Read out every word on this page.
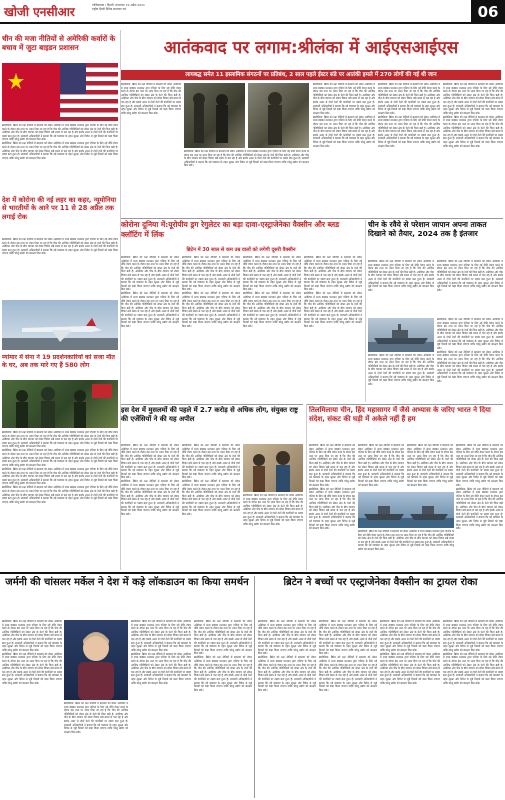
खोजी एनसीआर	गाजियाबाद / दिल्ली, मंगलवार 19 अप्रैल 2021
राष्ट्रीय हिन्दी दैनिक समाचार पत्र	06
आतंकवाद पर लगाम:श्रीलंका में आईएसआईएस
लायबद्ध समेत 11 इस्लामिक संगठनों पर प्रतिबंध, 2 साल पहले ईस्टर संडे पर आतंकी हमले में 270 लोगों की गई थी जान

ब्रासीलिया: ब्रिटेन को रक्षा नीतियों में बदलाव को लेकर अमेरिका में सभ्य बाइडन प्रशासन द्वारा एशिया के लिए नई नीति तैयार करने के दौरान इस तथ्य पर ध्यान दिया जा रहा है कि चीन की आर्थिक गतिविधियों को लेकर क्षेत्र के देशों की चिंता बढ़ी है। अमेरिका और चीन के बीच व्यापार को लेकर विवाद लंबे समय से चल रहा है और इसके असर से दोनों देशों की कंपनियों पर दबाव बना हुआ है। सरकारी अधिकारियों ने बताया कि नई व्यवस्था के तहत सुरक्षा और निवेश से जुड़े नियमों को कड़ा किया जाएगा ताकि घरेलू उद्योग को संरक्षण मिल सके।

ब्रासीलिया: ब्रिटेन को रक्षा नीतियों में बदलाव को लेकर अमेरिका में सभ्य बाइडन प्रशासन द्वारा एशिया के लिए नई नीति तैयार करने के दौरान इस तथ्य पर ध्यान दिया जा रहा है कि चीन की आर्थिक गतिविधियों को लेकर क्षेत्र के देशों की चिंता बढ़ी है। अमेरिका और चीन के बीच व्यापार को लेकर विवाद लंबे समय से चल रहा है और इसके असर से दोनों देशों की कंपनियों पर दबाव बना हुआ है। सरकारी अधिकारियों ने बताया कि नई व्यवस्था के तहत सुरक्षा और निवेश से जुड़े नियमों को कड़ा किया जाएगा ताकि घरेलू उद्योग को संरक्षण मिल सके।

ब्रासीलिया: ब्रिटेन को रक्षा नीतियों में बदलाव को लेकर अमेरिका में सभ्य बाइडन प्रशासन द्वारा एशिया के लिए नई नीति तैयार करने के दौरान इस तथ्य पर ध्यान दिया जा रहा है कि चीन की आर्थिक गतिविधियों को लेकर क्षेत्र के देशों की चिंता बढ़ी है। अमेरिका और चीन के बीच व्यापार को लेकर विवाद लंबे समय से चल रहा है और इसके असर से दोनों देशों की कंपनियों पर दबाव बना हुआ है। सरकारी अधिकारियों ने बताया कि नई व्यवस्था के तहत सुरक्षा और निवेश से जुड़े नियमों को कड़ा किया जाएगा ताकि घरेलू उद्योग को संरक्षण मिल सके।

ब्रासीलिया: ब्रिटेन को रक्षा नीतियों में बदलाव को लेकर अमेरिका में सभ्य बाइडन प्रशासन द्वारा एशिया के लिए नई नीति तैयार करने के दौरान इस तथ्य पर ध्यान दिया जा रहा है कि चीन की आर्थिक गतिविधियों को लेकर क्षेत्र के देशों की चिंता बढ़ी है। अमेरिका और चीन के बीच व्यापार को लेकर विवाद लंबे समय से चल रहा है और इसके असर से दोनों देशों की कंपनियों पर दबाव बना हुआ है। सरकारी अधिकारियों ने बताया कि नई व्यवस्था के तहत सुरक्षा और निवेश से जुड़े नियमों को कड़ा किया जाएगा ताकि घरेलू उद्योग को संरक्षण मिल सके।

ब्रासीलिया: ब्रिटेन को रक्षा नीतियों में बदलाव को लेकर अमेरिका में सभ्य बाइडन प्रशासन द्वारा एशिया के लिए नई नीति तैयार करने के दौरान इस तथ्य पर ध्यान दिया जा रहा है कि चीन की आर्थिक गतिविधियों को लेकर क्षेत्र के देशों की चिंता बढ़ी है। अमेरिका और चीन के बीच व्यापार को लेकर विवाद लंबे समय से चल रहा है और इसके असर से दोनों देशों की कंपनियों पर दबाव बना हुआ है। सरकारी अधिकारियों ने बताया कि नई व्यवस्था के तहत सुरक्षा और निवेश से जुड़े नियमों को कड़ा किया जाएगा ताकि घरेलू उद्योग को संरक्षण मिल सके।

ब्रासीलिया: ब्रिटेन को रक्षा नीतियों में बदलाव को लेकर अमेरिका में सभ्य बाइडन प्रशासन द्वारा एशिया के लिए नई नीति तैयार करने के दौरान इस तथ्य पर ध्यान दिया जा रहा है कि चीन की आर्थिक गतिविधियों को लेकर क्षेत्र के देशों की चिंता बढ़ी है। अमेरिका और चीन के बीच व्यापार को लेकर विवाद लंबे समय से चल रहा है और इसके असर से दोनों देशों की कंपनियों पर दबाव बना हुआ है। सरकारी अधिकारियों ने बताया कि नई व्यवस्था के तहत सुरक्षा और निवेश से जुड़े नियमों को कड़ा किया जाएगा ताकि घरेलू उद्योग को संरक्षण मिल सके।

ब्रासीलिया: ब्रिटेन को रक्षा नीतियों में बदलाव को लेकर अमेरिका में सभ्य बाइडन प्रशासन द्वारा एशिया के लिए नई नीति तैयार करने के दौरान इस तथ्य पर ध्यान दिया जा रहा है कि चीन की आर्थिक गतिविधियों को लेकर क्षेत्र के देशों की चिंता बढ़ी है। अमेरिका और चीन के बीच व्यापार को लेकर विवाद लंबे समय से चल रहा है और इसके असर से दोनों देशों की कंपनियों पर दबाव बना हुआ है। सरकारी अधिकारियों ने बताया कि नई व्यवस्था के तहत सुरक्षा और निवेश से जुड़े नियमों को कड़ा किया जाएगा ताकि घरेलू उद्योग को संरक्षण मिल सके।

ब्रासीलिया: ब्रिटेन को रक्षा नीतियों में बदलाव को लेकर अमेरिका में सभ्य बाइडन प्रशासन द्वारा एशिया के लिए नई नीति तैयार करने के दौरान इस तथ्य पर ध्यान दिया जा रहा है कि चीन की आर्थिक गतिविधियों को लेकर क्षेत्र के देशों की चिंता बढ़ी है। अमेरिका और चीन के बीच व्यापार को लेकर विवाद लंबे समय से चल रहा है और इसके असर से दोनों देशों की कंपनियों पर दबाव बना हुआ है। सरकारी अधिकारियों ने बताया कि नई व्यवस्था के तहत सुरक्षा और निवेश से जुड़े नियमों को कड़ा किया जाएगा ताकि घरेलू उद्योग को संरक्षण मिल सके।

चीन की मजा नीतियों से अमेरिकी कर्वारों के बचाव में जुटा बाइडन प्रशासन

ब्रासीलिया: ब्रिटेन को रक्षा नीतियों में बदलाव को लेकर अमेरिका में सभ्य बाइडन प्रशासन द्वारा एशिया के लिए नई नीति तैयार करने के दौरान इस तथ्य पर ध्यान दिया जा रहा है कि चीन की आर्थिक गतिविधियों को लेकर क्षेत्र के देशों की चिंता बढ़ी है। अमेरिका और चीन के बीच व्यापार को लेकर विवाद लंबे समय से चल रहा है और इसके असर से दोनों देशों की कंपनियों पर दबाव बना हुआ है। सरकारी अधिकारियों ने बताया कि नई व्यवस्था के तहत सुरक्षा और निवेश से जुड़े नियमों को कड़ा किया जाएगा ताकि घरेलू उद्योग को संरक्षण मिल सके।

ब्रासीलिया: ब्रिटेन को रक्षा नीतियों में बदलाव को लेकर अमेरिका में सभ्य बाइडन प्रशासन द्वारा एशिया के लिए नई नीति तैयार करने के दौरान इस तथ्य पर ध्यान दिया जा रहा है कि चीन की आर्थिक गतिविधियों को लेकर क्षेत्र के देशों की चिंता बढ़ी है। अमेरिका और चीन के बीच व्यापार को लेकर विवाद लंबे समय से चल रहा है और इसके असर से दोनों देशों की कंपनियों पर दबाव बना हुआ है। सरकारी अधिकारियों ने बताया कि नई व्यवस्था के तहत सुरक्षा और निवेश से जुड़े नियमों को कड़ा किया जाएगा ताकि घरेलू उद्योग को संरक्षण मिल सके।

देश में कोरोना की नई लहर का कहर, न्यूमोनिया से भारतीयों के आने पर 11 से 28 अप्रैल तक लगाई रोक

ब्रासीलिया: ब्रिटेन को रक्षा नीतियों में बदलाव को लेकर अमेरिका में सभ्य बाइडन प्रशासन द्वारा एशिया के लिए नई नीति तैयार करने के दौरान इस तथ्य पर ध्यान दिया जा रहा है कि चीन की आर्थिक गतिविधियों को लेकर क्षेत्र के देशों की चिंता बढ़ी है। अमेरिका और चीन के बीच व्यापार को लेकर विवाद लंबे समय से चल रहा है और इसके असर से दोनों देशों की कंपनियों पर दबाव बना हुआ है। सरकारी अधिकारियों ने बताया कि नई व्यवस्था के तहत सुरक्षा और निवेश से जुड़े नियमों को कड़ा किया जाएगा ताकि घरेलू उद्योग को संरक्षण मिल सके।

म्यांमार में सेना ने 19 प्रदर्शनकारियों को सजा मौत के घर, अब तक मारे गए हैं 580 लोग

ब्रासीलिया: ब्रिटेन को रक्षा नीतियों में बदलाव को लेकर अमेरिका में सभ्य बाइडन प्रशासन द्वारा एशिया के लिए नई नीति तैयार करने के दौरान इस तथ्य पर ध्यान दिया जा रहा है कि चीन की आर्थिक गतिविधियों को लेकर क्षेत्र के देशों की चिंता बढ़ी है। अमेरिका और चीन के बीच व्यापार को लेकर विवाद लंबे समय से चल रहा है और इसके असर से दोनों देशों की कंपनियों पर दबाव बना हुआ है। सरकारी अधिकारियों ने बताया कि नई व्यवस्था के तहत सुरक्षा और निवेश से जुड़े नियमों को कड़ा किया जाएगा ताकि घरेलू उद्योग को संरक्षण मिल सके।

ब्रासीलिया: ब्रिटेन को रक्षा नीतियों में बदलाव को लेकर अमेरिका में सभ्य बाइडन प्रशासन द्वारा एशिया के लिए नई नीति तैयार करने के दौरान इस तथ्य पर ध्यान दिया जा रहा है कि चीन की आर्थिक गतिविधियों को लेकर क्षेत्र के देशों की चिंता बढ़ी है। अमेरिका और चीन के बीच व्यापार को लेकर विवाद लंबे समय से चल रहा है और इसके असर से दोनों देशों की कंपनियों पर दबाव बना हुआ है। सरकारी अधिकारियों ने बताया कि नई व्यवस्था के तहत सुरक्षा और निवेश से जुड़े नियमों को कड़ा किया जाएगा ताकि घरेलू उद्योग को संरक्षण मिल सके।

ब्रासीलिया: ब्रिटेन को रक्षा नीतियों में बदलाव को लेकर अमेरिका में सभ्य बाइडन प्रशासन द्वारा एशिया के लिए नई नीति तैयार करने के दौरान इस तथ्य पर ध्यान दिया जा रहा है कि चीन की आर्थिक गतिविधियों को लेकर क्षेत्र के देशों की चिंता बढ़ी है। अमेरिका और चीन के बीच व्यापार को लेकर विवाद लंबे समय से चल रहा है और इसके असर से दोनों देशों की कंपनियों पर दबाव बना हुआ है। सरकारी अधिकारियों ने बताया कि नई व्यवस्था के तहत सुरक्षा और निवेश से जुड़े नियमों को कड़ा किया जाएगा ताकि घरेलू उद्योग को संरक्षण मिल सके।

ब्रासीलिया: ब्रिटेन को रक्षा नीतियों में बदलाव को लेकर अमेरिका में सभ्य बाइडन प्रशासन द्वारा एशिया के लिए नई नीति तैयार करने के दौरान इस तथ्य पर ध्यान दिया जा रहा है कि चीन की आर्थिक गतिविधियों को लेकर क्षेत्र के देशों की चिंता बढ़ी है। अमेरिका और चीन के बीच व्यापार को लेकर विवाद लंबे समय से चल रहा है और इसके असर से दोनों देशों की कंपनियों पर दबाव बना हुआ है। सरकारी अधिकारियों ने बताया कि नई व्यवस्था के तहत सुरक्षा और निवेश से जुड़े नियमों को कड़ा किया जाएगा ताकि घरेलू उद्योग को संरक्षण मिल सके।

कोरोना दुनिया में:यूरोपीय ड्रग रेगुलेटर का बड़ा दावा-एस्ट्राजेनेका वैक्सीन और ब्लड क्लॉटिंग में लिंक
ब्रिटेन में 30 साल से कम उम्र वालों को लगेगी दूसरी वैक्सीन

ब्रासीलिया: ब्रिटेन को रक्षा नीतियों में बदलाव को लेकर अमेरिका में सभ्य बाइडन प्रशासन द्वारा एशिया के लिए नई नीति तैयार करने के दौरान इस तथ्य पर ध्यान दिया जा रहा है कि चीन की आर्थिक गतिविधियों को लेकर क्षेत्र के देशों की चिंता बढ़ी है। अमेरिका और चीन के बीच व्यापार को लेकर विवाद लंबे समय से चल रहा है और इसके असर से दोनों देशों की कंपनियों पर दबाव बना हुआ है। सरकारी अधिकारियों ने बताया कि नई व्यवस्था के तहत सुरक्षा और निवेश से जुड़े नियमों को कड़ा किया जाएगा ताकि घरेलू उद्योग को संरक्षण मिल सके।

ब्रासीलिया: ब्रिटेन को रक्षा नीतियों में बदलाव को लेकर अमेरिका में सभ्य बाइडन प्रशासन द्वारा एशिया के लिए नई नीति तैयार करने के दौरान इस तथ्य पर ध्यान दिया जा रहा है कि चीन की आर्थिक गतिविधियों को लेकर क्षेत्र के देशों की चिंता बढ़ी है। अमेरिका और चीन के बीच व्यापार को लेकर विवाद लंबे समय से चल रहा है और इसके असर से दोनों देशों की कंपनियों पर दबाव बना हुआ है। सरकारी अधिकारियों ने बताया कि नई व्यवस्था के तहत सुरक्षा और निवेश से जुड़े नियमों को कड़ा किया जाएगा ताकि घरेलू उद्योग को संरक्षण मिल सके।

ब्रासीलिया: ब्रिटेन को रक्षा नीतियों में बदलाव को लेकर अमेरिका में सभ्य बाइडन प्रशासन द्वारा एशिया के लिए नई नीति तैयार करने के दौरान इस तथ्य पर ध्यान दिया जा रहा है कि चीन की आर्थिक गतिविधियों को लेकर क्षेत्र के देशों की चिंता बढ़ी है। अमेरिका और चीन के बीच व्यापार को लेकर विवाद लंबे समय से चल रहा है और इसके असर से दोनों देशों की कंपनियों पर दबाव बना हुआ है। सरकारी अधिकारियों ने बताया कि नई व्यवस्था के तहत सुरक्षा और निवेश से जुड़े नियमों को कड़ा किया जाएगा ताकि घरेलू उद्योग को संरक्षण मिल सके।

ब्रासीलिया: ब्रिटेन को रक्षा नीतियों में बदलाव को लेकर अमेरिका में सभ्य बाइडन प्रशासन द्वारा एशिया के लिए नई नीति तैयार करने के दौरान इस तथ्य पर ध्यान दिया जा रहा है कि चीन की आर्थिक गतिविधियों को लेकर क्षेत्र के देशों की चिंता बढ़ी है। अमेरिका और चीन के बीच व्यापार को लेकर विवाद लंबे समय से चल रहा है और इसके असर से दोनों देशों की कंपनियों पर दबाव बना हुआ है। सरकारी अधिकारियों ने बताया कि नई व्यवस्था के तहत सुरक्षा और निवेश से जुड़े नियमों को कड़ा किया जाएगा ताकि घरेलू उद्योग को संरक्षण मिल सके।

ब्रासीलिया: ब्रिटेन को रक्षा नीतियों में बदलाव को लेकर अमेरिका में सभ्य बाइडन प्रशासन द्वारा एशिया के लिए नई नीति तैयार करने के दौरान इस तथ्य पर ध्यान दिया जा रहा है कि चीन की आर्थिक गतिविधियों को लेकर क्षेत्र के देशों की चिंता बढ़ी है। अमेरिका और चीन के बीच व्यापार को लेकर विवाद लंबे समय से चल रहा है और इसके असर से दोनों देशों की कंपनियों पर दबाव बना हुआ है। सरकारी अधिकारियों ने बताया कि नई व्यवस्था के तहत सुरक्षा और निवेश से जुड़े नियमों को कड़ा किया जाएगा ताकि घरेलू उद्योग को संरक्षण मिल सके।

ब्रासीलिया: ब्रिटेन को रक्षा नीतियों में बदलाव को लेकर अमेरिका में सभ्य बाइडन प्रशासन द्वारा एशिया के लिए नई नीति तैयार करने के दौरान इस तथ्य पर ध्यान दिया जा रहा है कि चीन की आर्थिक गतिविधियों को लेकर क्षेत्र के देशों की चिंता बढ़ी है। अमेरिका और चीन के बीच व्यापार को लेकर विवाद लंबे समय से चल रहा है और इसके असर से दोनों देशों की कंपनियों पर दबाव बना हुआ है। सरकारी अधिकारियों ने बताया कि नई व्यवस्था के तहत सुरक्षा और निवेश से जुड़े नियमों को कड़ा किया जाएगा ताकि घरेलू उद्योग को संरक्षण मिल सके।

ब्रासीलिया: ब्रिटेन को रक्षा नीतियों में बदलाव को लेकर अमेरिका में सभ्य बाइडन प्रशासन द्वारा एशिया के लिए नई नीति तैयार करने के दौरान इस तथ्य पर ध्यान दिया जा रहा है कि चीन की आर्थिक गतिविधियों को लेकर क्षेत्र के देशों की चिंता बढ़ी है। अमेरिका और चीन के बीच व्यापार को लेकर विवाद लंबे समय से चल रहा है और इसके असर से दोनों देशों की कंपनियों पर दबाव बना हुआ है। सरकारी अधिकारियों ने बताया कि नई व्यवस्था के तहत सुरक्षा और निवेश से जुड़े नियमों को कड़ा किया जाएगा ताकि घरेलू उद्योग को संरक्षण मिल सके।

ब्रासीलिया: ब्रिटेन को रक्षा नीतियों में बदलाव को लेकर अमेरिका में सभ्य बाइडन प्रशासन द्वारा एशिया के लिए नई नीति तैयार करने के दौरान इस तथ्य पर ध्यान दिया जा रहा है कि चीन की आर्थिक गतिविधियों को लेकर क्षेत्र के देशों की चिंता बढ़ी है। अमेरिका और चीन के बीच व्यापार को लेकर विवाद लंबे समय से चल रहा है और इसके असर से दोनों देशों की कंपनियों पर दबाव बना हुआ है। सरकारी अधिकारियों ने बताया कि नई व्यवस्था के तहत सुरक्षा और निवेश से जुड़े नियमों को कड़ा किया जाएगा ताकि घरेलू उद्योग को संरक्षण मिल सके।

चीन के रवैये से परेशान जापान अपना ताकत दिखाने को तैयार, 2024 तक है इंतजार

ब्रासीलिया: ब्रिटेन को रक्षा नीतियों में बदलाव को लेकर अमेरिका में सभ्य बाइडन प्रशासन द्वारा एशिया के लिए नई नीति तैयार करने के दौरान इस तथ्य पर ध्यान दिया जा रहा है कि चीन की आर्थिक गतिविधियों को लेकर क्षेत्र के देशों की चिंता बढ़ी है। अमेरिका और चीन के बीच व्यापार को लेकर विवाद लंबे समय से चल रहा है और इसके असर से दोनों देशों की कंपनियों पर दबाव बना हुआ है। सरकारी अधिकारियों ने बताया कि नई व्यवस्था के तहत सुरक्षा और निवेश से जुड़े नियमों को कड़ा किया जाएगा ताकि घरेलू उद्योग को संरक्षण मिल सके।

ब्रासीलिया: ब्रिटेन को रक्षा नीतियों में बदलाव को लेकर अमेरिका में सभ्य बाइडन प्रशासन द्वारा एशिया के लिए नई नीति तैयार करने के दौरान इस तथ्य पर ध्यान दिया जा रहा है कि चीन की आर्थिक गतिविधियों को लेकर क्षेत्र के देशों की चिंता बढ़ी है। अमेरिका और चीन के बीच व्यापार को लेकर विवाद लंबे समय से चल रहा है और इसके असर से दोनों देशों की कंपनियों पर दबाव बना हुआ है। सरकारी अधिकारियों ने बताया कि नई व्यवस्था के तहत सुरक्षा और निवेश से जुड़े नियमों को कड़ा किया जाएगा ताकि घरेलू उद्योग को संरक्षण मिल सके।

ब्रासीलिया: ब्रिटेन को रक्षा नीतियों में बदलाव को लेकर अमेरिका में सभ्य बाइडन प्रशासन द्वारा एशिया के लिए नई नीति तैयार करने के दौरान इस तथ्य पर ध्यान दिया जा रहा है कि चीन की आर्थिक गतिविधियों को लेकर क्षेत्र के देशों की चिंता बढ़ी है। अमेरिका और चीन के बीच व्यापार को लेकर विवाद लंबे समय से चल रहा है और इसके असर से दोनों देशों की कंपनियों पर दबाव बना हुआ है। सरकारी अधिकारियों ने बताया कि नई व्यवस्था के तहत सुरक्षा और निवेश से जुड़े नियमों को कड़ा किया जाएगा ताकि घरेलू उद्योग को संरक्षण मिल सके।

ब्रासीलिया: ब्रिटेन को रक्षा नीतियों में बदलाव को लेकर अमेरिका में सभ्य बाइडन प्रशासन द्वारा एशिया के लिए नई नीति तैयार करने के दौरान इस तथ्य पर ध्यान दिया जा रहा है कि चीन की आर्थिक गतिविधियों को लेकर क्षेत्र के देशों की चिंता बढ़ी है। अमेरिका और चीन के बीच व्यापार को लेकर विवाद लंबे समय से चल रहा है और इसके असर से दोनों देशों की कंपनियों पर दबाव बना हुआ है। सरकारी अधिकारियों ने बताया कि नई व्यवस्था के तहत सुरक्षा और निवेश से जुड़े नियमों को कड़ा किया जाएगा ताकि घरेलू उद्योग को संरक्षण मिल सके।

ब्रासीलिया: ब्रिटेन को रक्षा नीतियों में बदलाव को लेकर अमेरिका में सभ्य बाइडन प्रशासन द्वारा एशिया के लिए नई नीति तैयार करने के दौरान इस तथ्य पर ध्यान दिया जा रहा है कि चीन की आर्थिक गतिविधियों को लेकर क्षेत्र के देशों की चिंता बढ़ी है। अमेरिका और चीन के बीच व्यापार को लेकर विवाद लंबे समय से चल रहा है और इसके असर से दोनों देशों की कंपनियों पर दबाव बना हुआ है। सरकारी अधिकारियों ने बताया कि नई व्यवस्था के तहत सुरक्षा और निवेश से जुड़े नियमों को कड़ा किया जाएगा ताकि घरेलू उद्योग को संरक्षण मिल सके।

इस देश में मुसलमों की पहले में 2.7 करोड़ से अधिक लोग, संयुक्त राष्ट्र की एजेंसियों ने की यह अपील

ब्रासीलिया: ब्रिटेन को रक्षा नीतियों में बदलाव को लेकर अमेरिका में सभ्य बाइडन प्रशासन द्वारा एशिया के लिए नई नीति तैयार करने के दौरान इस तथ्य पर ध्यान दिया जा रहा है कि चीन की आर्थिक गतिविधियों को लेकर क्षेत्र के देशों की चिंता बढ़ी है। अमेरिका और चीन के बीच व्यापार को लेकर विवाद लंबे समय से चल रहा है और इसके असर से दोनों देशों की कंपनियों पर दबाव बना हुआ है। सरकारी अधिकारियों ने बताया कि नई व्यवस्था के तहत सुरक्षा और निवेश से जुड़े नियमों को कड़ा किया जाएगा ताकि घरेलू उद्योग को संरक्षण मिल सके।

ब्रासीलिया: ब्रिटेन को रक्षा नीतियों में बदलाव को लेकर अमेरिका में सभ्य बाइडन प्रशासन द्वारा एशिया के लिए नई नीति तैयार करने के दौरान इस तथ्य पर ध्यान दिया जा रहा है कि चीन की आर्थिक गतिविधियों को लेकर क्षेत्र के देशों की चिंता बढ़ी है। अमेरिका और चीन के बीच व्यापार को लेकर विवाद लंबे समय से चल रहा है और इसके असर से दोनों देशों की कंपनियों पर दबाव बना हुआ है। सरकारी अधिकारियों ने बताया कि नई व्यवस्था के तहत सुरक्षा और निवेश से जुड़े नियमों को कड़ा किया जाएगा ताकि घरेलू उद्योग को संरक्षण मिल सके।

ब्रासीलिया: ब्रिटेन को रक्षा नीतियों में बदलाव को लेकर अमेरिका में सभ्य बाइडन प्रशासन द्वारा एशिया के लिए नई नीति तैयार करने के दौरान इस तथ्य पर ध्यान दिया जा रहा है कि चीन की आर्थिक गतिविधियों को लेकर क्षेत्र के देशों की चिंता बढ़ी है। अमेरिका और चीन के बीच व्यापार को लेकर विवाद लंबे समय से चल रहा है और इसके असर से दोनों देशों की कंपनियों पर दबाव बना हुआ है। सरकारी अधिकारियों ने बताया कि नई व्यवस्था के तहत सुरक्षा और निवेश से जुड़े नियमों को कड़ा किया जाएगा ताकि घरेलू उद्योग को संरक्षण मिल सके।

ब्रासीलिया: ब्रिटेन को रक्षा नीतियों में बदलाव को लेकर अमेरिका में सभ्य बाइडन प्रशासन द्वारा एशिया के लिए नई नीति तैयार करने के दौरान इस तथ्य पर ध्यान दिया जा रहा है कि चीन की आर्थिक गतिविधियों को लेकर क्षेत्र के देशों की चिंता बढ़ी है। अमेरिका और चीन के बीच व्यापार को लेकर विवाद लंबे समय से चल रहा है और इसके असर से दोनों देशों की कंपनियों पर दबाव बना हुआ है। सरकारी अधिकारियों ने बताया कि नई व्यवस्था के तहत सुरक्षा और निवेश से जुड़े नियमों को कड़ा किया जाएगा ताकि घरेलू उद्योग को संरक्षण मिल सके।

ब्रासीलिया: ब्रिटेन को रक्षा नीतियों में बदलाव को लेकर अमेरिका में सभ्य बाइडन प्रशासन द्वारा एशिया के लिए नई नीति तैयार करने के दौरान इस तथ्य पर ध्यान दिया जा रहा है कि चीन की आर्थिक गतिविधियों को लेकर क्षेत्र के देशों की चिंता बढ़ी है। अमेरिका और चीन के बीच व्यापार को लेकर विवाद लंबे समय से चल रहा है और इसके असर से दोनों देशों की कंपनियों पर दबाव बना हुआ है। सरकारी अधिकारियों ने बताया कि नई व्यवस्था के तहत सुरक्षा और निवेश से जुड़े नियमों को कड़ा किया जाएगा ताकि घरेलू उद्योग को संरक्षण मिल सके।

तिलमिलाया चीन, हिंद महासागर में जैसे अभ्यास के जरिए भारत ने दिया संदेश, संकट की घड़ी में अकेले नहीं हैं हम

ब्रासीलिया: ब्रिटेन को रक्षा नीतियों में बदलाव को लेकर अमेरिका में सभ्य बाइडन प्रशासन द्वारा एशिया के लिए नई नीति तैयार करने के दौरान इस तथ्य पर ध्यान दिया जा रहा है कि चीन की आर्थिक गतिविधियों को लेकर क्षेत्र के देशों की चिंता बढ़ी है। अमेरिका और चीन के बीच व्यापार को लेकर विवाद लंबे समय से चल रहा है और इसके असर से दोनों देशों की कंपनियों पर दबाव बना हुआ है। सरकारी अधिकारियों ने बताया कि नई व्यवस्था के तहत सुरक्षा और निवेश से जुड़े नियमों को कड़ा किया जाएगा ताकि घरेलू उद्योग को संरक्षण मिल सके।

ब्रासीलिया: ब्रिटेन को रक्षा नीतियों में बदलाव को लेकर अमेरिका में सभ्य बाइडन प्रशासन द्वारा एशिया के लिए नई नीति तैयार करने के दौरान इस तथ्य पर ध्यान दिया जा रहा है कि चीन की आर्थिक गतिविधियों को लेकर क्षेत्र के देशों की चिंता बढ़ी है। अमेरिका और चीन के बीच व्यापार को लेकर विवाद लंबे समय से चल रहा है और इसके असर से दोनों देशों की कंपनियों पर दबाव बना हुआ है। सरकारी अधिकारियों ने बताया कि नई व्यवस्था के तहत सुरक्षा और निवेश से जुड़े नियमों को कड़ा किया जाएगा ताकि घरेलू उद्योग को संरक्षण मिल सके।

ब्रासीलिया: ब्रिटेन को रक्षा नीतियों में बदलाव को लेकर अमेरिका में सभ्य बाइडन प्रशासन द्वारा एशिया के लिए नई नीति तैयार करने के दौरान इस तथ्य पर ध्यान दिया जा रहा है कि चीन की आर्थिक गतिविधियों को लेकर क्षेत्र के देशों की चिंता बढ़ी है। अमेरिका और चीन के बीच व्यापार को लेकर विवाद लंबे समय से चल रहा है और इसके असर से दोनों देशों की कंपनियों पर दबाव बना हुआ है। सरकारी अधिकारियों ने बताया कि नई व्यवस्था के तहत सुरक्षा और निवेश से जुड़े नियमों को कड़ा किया जाएगा ताकि घरेलू उद्योग को संरक्षण मिल सके।

ब्रासीलिया: ब्रिटेन को रक्षा नीतियों में बदलाव को लेकर अमेरिका में सभ्य बाइडन प्रशासन द्वारा एशिया के लिए नई नीति तैयार करने के दौरान इस तथ्य पर ध्यान दिया जा रहा है कि चीन की आर्थिक गतिविधियों को लेकर क्षेत्र के देशों की चिंता बढ़ी है। अमेरिका और चीन के बीच व्यापार को लेकर विवाद लंबे समय से चल रहा है और इसके असर से दोनों देशों की कंपनियों पर दबाव बना हुआ है। सरकारी अधिकारियों ने बताया कि नई व्यवस्था के तहत सुरक्षा और निवेश से जुड़े नियमों को कड़ा किया जाएगा ताकि घरेलू उद्योग को संरक्षण मिल सके।

ब्रासीलिया: ब्रिटेन को रक्षा नीतियों में बदलाव को लेकर अमेरिका में सभ्य बाइडन प्रशासन द्वारा एशिया के लिए नई नीति तैयार करने के दौरान इस तथ्य पर ध्यान दिया जा रहा है कि चीन की आर्थिक गतिविधियों को लेकर क्षेत्र के देशों की चिंता बढ़ी है। अमेरिका और चीन के बीच व्यापार को लेकर विवाद लंबे समय से चल रहा है और इसके असर से दोनों देशों की कंपनियों पर दबाव बना हुआ है। सरकारी अधिकारियों ने बताया कि नई व्यवस्था के तहत सुरक्षा और निवेश से जुड़े नियमों को कड़ा किया जाएगा ताकि घरेलू उद्योग को संरक्षण मिल सके।

ब्रासीलिया: ब्रिटेन को रक्षा नीतियों में बदलाव को लेकर अमेरिका में सभ्य बाइडन प्रशासन द्वारा एशिया के लिए नई नीति तैयार करने के दौरान इस तथ्य पर ध्यान दिया जा रहा है कि चीन की आर्थिक गतिविधियों को लेकर क्षेत्र के देशों की चिंता बढ़ी है। अमेरिका और चीन के बीच व्यापार को लेकर विवाद लंबे समय से चल रहा है और इसके असर से दोनों देशों की कंपनियों पर दबाव बना हुआ है। सरकारी अधिकारियों ने बताया कि नई व्यवस्था के तहत सुरक्षा और निवेश से जुड़े नियमों को कड़ा किया जाएगा ताकि घरेलू उद्योग को संरक्षण मिल सके।

ब्रासीलिया: ब्रिटेन को रक्षा नीतियों में बदलाव को लेकर अमेरिका में सभ्य बाइडन प्रशासन द्वारा एशिया के लिए नई नीति तैयार करने के दौरान इस तथ्य पर ध्यान दिया जा रहा है कि चीन की आर्थिक गतिविधियों को लेकर क्षेत्र के देशों की चिंता बढ़ी है। अमेरिका और चीन के बीच व्यापार को लेकर विवाद लंबे समय से चल रहा है और इसके असर से दोनों देशों की कंपनियों पर दबाव बना हुआ है। सरकारी अधिकारियों ने बताया कि नई व्यवस्था के तहत सुरक्षा और निवेश से जुड़े नियमों को कड़ा किया जाएगा ताकि घरेलू उद्योग को संरक्षण मिल सके।

जर्मनी की चांसलर मर्केल ने देश में कड़े लॉकडाउन का किया समर्थन

ब्रासीलिया: ब्रिटेन को रक्षा नीतियों में बदलाव को लेकर अमेरिका में सभ्य बाइडन प्रशासन द्वारा एशिया के लिए नई नीति तैयार करने के दौरान इस तथ्य पर ध्यान दिया जा रहा है कि चीन की आर्थिक गतिविधियों को लेकर क्षेत्र के देशों की चिंता बढ़ी है। अमेरिका और चीन के बीच व्यापार को लेकर विवाद लंबे समय से चल रहा है और इसके असर से दोनों देशों की कंपनियों पर दबाव बना हुआ है। सरकारी अधिकारियों ने बताया कि नई व्यवस्था के तहत सुरक्षा और निवेश से जुड़े नियमों को कड़ा किया जाएगा ताकि घरेलू उद्योग को संरक्षण मिल सके।

ब्रासीलिया: ब्रिटेन को रक्षा नीतियों में बदलाव को लेकर अमेरिका में सभ्य बाइडन प्रशासन द्वारा एशिया के लिए नई नीति तैयार करने के दौरान इस तथ्य पर ध्यान दिया जा रहा है कि चीन की आर्थिक गतिविधियों को लेकर क्षेत्र के देशों की चिंता बढ़ी है। अमेरिका और चीन के बीच व्यापार को लेकर विवाद लंबे समय से चल रहा है और इसके असर से दोनों देशों की कंपनियों पर दबाव बना हुआ है। सरकारी अधिकारियों ने बताया कि नई व्यवस्था के तहत सुरक्षा और निवेश से जुड़े नियमों को कड़ा किया जाएगा ताकि घरेलू उद्योग को संरक्षण मिल सके।

ब्रासीलिया: ब्रिटेन को रक्षा नीतियों में बदलाव को लेकर अमेरिका में सभ्य बाइडन प्रशासन द्वारा एशिया के लिए नई नीति तैयार करने के दौरान इस तथ्य पर ध्यान दिया जा रहा है कि चीन की आर्थिक गतिविधियों को लेकर क्षेत्र के देशों की चिंता बढ़ी है। अमेरिका और चीन के बीच व्यापार को लेकर विवाद लंबे समय से चल रहा है और इसके असर से दोनों देशों की कंपनियों पर दबाव बना हुआ है। सरकारी अधिकारियों ने बताया कि नई व्यवस्था के तहत सुरक्षा और निवेश से जुड़े नियमों को कड़ा किया जाएगा ताकि घरेलू उद्योग को संरक्षण मिल सके।

ब्रासीलिया: ब्रिटेन को रक्षा नीतियों में बदलाव को लेकर अमेरिका में सभ्य बाइडन प्रशासन द्वारा एशिया के लिए नई नीति तैयार करने के दौरान इस तथ्य पर ध्यान दिया जा रहा है कि चीन की आर्थिक गतिविधियों को लेकर क्षेत्र के देशों की चिंता बढ़ी है। अमेरिका और चीन के बीच व्यापार को लेकर विवाद लंबे समय से चल रहा है और इसके असर से दोनों देशों की कंपनियों पर दबाव बना हुआ है। सरकारी अधिकारियों ने बताया कि नई व्यवस्था के तहत सुरक्षा और निवेश से जुड़े नियमों को कड़ा किया जाएगा ताकि घरेलू उद्योग को संरक्षण मिल सके।

ब्रासीलिया: ब्रिटेन को रक्षा नीतियों में बदलाव को लेकर अमेरिका में सभ्य बाइडन प्रशासन द्वारा एशिया के लिए नई नीति तैयार करने के दौरान इस तथ्य पर ध्यान दिया जा रहा है कि चीन की आर्थिक गतिविधियों को लेकर क्षेत्र के देशों की चिंता बढ़ी है। अमेरिका और चीन के बीच व्यापार को लेकर विवाद लंबे समय से चल रहा है और इसके असर से दोनों देशों की कंपनियों पर दबाव बना हुआ है। सरकारी अधिकारियों ने बताया कि नई व्यवस्था के तहत सुरक्षा और निवेश से जुड़े नियमों को कड़ा किया जाएगा ताकि घरेलू उद्योग को संरक्षण मिल सके।

ब्रासीलिया: ब्रिटेन को रक्षा नीतियों में बदलाव को लेकर अमेरिका में सभ्य बाइडन प्रशासन द्वारा एशिया के लिए नई नीति तैयार करने के दौरान इस तथ्य पर ध्यान दिया जा रहा है कि चीन की आर्थिक गतिविधियों को लेकर क्षेत्र के देशों की चिंता बढ़ी है। अमेरिका और चीन के बीच व्यापार को लेकर विवाद लंबे समय से चल रहा है और इसके असर से दोनों देशों की कंपनियों पर दबाव बना हुआ है। सरकारी अधिकारियों ने बताया कि नई व्यवस्था के तहत सुरक्षा और निवेश से जुड़े नियमों को कड़ा किया जाएगा ताकि घरेलू उद्योग को संरक्षण मिल सके।

ब्रासीलिया: ब्रिटेन को रक्षा नीतियों में बदलाव को लेकर अमेरिका में सभ्य बाइडन प्रशासन द्वारा एशिया के लिए नई नीति तैयार करने के दौरान इस तथ्य पर ध्यान दिया जा रहा है कि चीन की आर्थिक गतिविधियों को लेकर क्षेत्र के देशों की चिंता बढ़ी है। अमेरिका और चीन के बीच व्यापार को लेकर विवाद लंबे समय से चल रहा है और इसके असर से दोनों देशों की कंपनियों पर दबाव बना हुआ है। सरकारी अधिकारियों ने बताया कि नई व्यवस्था के तहत सुरक्षा और निवेश से जुड़े नियमों को कड़ा किया जाएगा ताकि घरेलू उद्योग को संरक्षण मिल सके।

ब्रिटेन ने बच्चों पर एस्ट्राजेनेका वैक्सीन का ट्रायल रोका

ब्रासीलिया: ब्रिटेन को रक्षा नीतियों में बदलाव को लेकर अमेरिका में सभ्य बाइडन प्रशासन द्वारा एशिया के लिए नई नीति तैयार करने के दौरान इस तथ्य पर ध्यान दिया जा रहा है कि चीन की आर्थिक गतिविधियों को लेकर क्षेत्र के देशों की चिंता बढ़ी है। अमेरिका और चीन के बीच व्यापार को लेकर विवाद लंबे समय से चल रहा है और इसके असर से दोनों देशों की कंपनियों पर दबाव बना हुआ है। सरकारी अधिकारियों ने बताया कि नई व्यवस्था के तहत सुरक्षा और निवेश से जुड़े नियमों को कड़ा किया जाएगा ताकि घरेलू उद्योग को संरक्षण मिल सके।

ब्रासीलिया: ब्रिटेन को रक्षा नीतियों में बदलाव को लेकर अमेरिका में सभ्य बाइडन प्रशासन द्वारा एशिया के लिए नई नीति तैयार करने के दौरान इस तथ्य पर ध्यान दिया जा रहा है कि चीन की आर्थिक गतिविधियों को लेकर क्षेत्र के देशों की चिंता बढ़ी है। अमेरिका और चीन के बीच व्यापार को लेकर विवाद लंबे समय से चल रहा है और इसके असर से दोनों देशों की कंपनियों पर दबाव बना हुआ है। सरकारी अधिकारियों ने बताया कि नई व्यवस्था के तहत सुरक्षा और निवेश से जुड़े नियमों को कड़ा किया जाएगा ताकि घरेलू उद्योग को संरक्षण मिल सके।

ब्रासीलिया: ब्रिटेन को रक्षा नीतियों में बदलाव को लेकर अमेरिका में सभ्य बाइडन प्रशासन द्वारा एशिया के लिए नई नीति तैयार करने के दौरान इस तथ्य पर ध्यान दिया जा रहा है कि चीन की आर्थिक गतिविधियों को लेकर क्षेत्र के देशों की चिंता बढ़ी है। अमेरिका और चीन के बीच व्यापार को लेकर विवाद लंबे समय से चल रहा है और इसके असर से दोनों देशों की कंपनियों पर दबाव बना हुआ है। सरकारी अधिकारियों ने बताया कि नई व्यवस्था के तहत सुरक्षा और निवेश से जुड़े नियमों को कड़ा किया जाएगा ताकि घरेलू उद्योग को संरक्षण मिल सके।

ब्रासीलिया: ब्रिटेन को रक्षा नीतियों में बदलाव को लेकर अमेरिका में सभ्य बाइडन प्रशासन द्वारा एशिया के लिए नई नीति तैयार करने के दौरान इस तथ्य पर ध्यान दिया जा रहा है कि चीन की आर्थिक गतिविधियों को लेकर क्षेत्र के देशों की चिंता बढ़ी है। अमेरिका और चीन के बीच व्यापार को लेकर विवाद लंबे समय से चल रहा है और इसके असर से दोनों देशों की कंपनियों पर दबाव बना हुआ है। सरकारी अधिकारियों ने बताया कि नई व्यवस्था के तहत सुरक्षा और निवेश से जुड़े नियमों को कड़ा किया जाएगा ताकि घरेलू उद्योग को संरक्षण मिल सके।

ब्रासीलिया: ब्रिटेन को रक्षा नीतियों में बदलाव को लेकर अमेरिका में सभ्य बाइडन प्रशासन द्वारा एशिया के लिए नई नीति तैयार करने के दौरान इस तथ्य पर ध्यान दिया जा रहा है कि चीन की आर्थिक गतिविधियों को लेकर क्षेत्र के देशों की चिंता बढ़ी है। अमेरिका और चीन के बीच व्यापार को लेकर विवाद लंबे समय से चल रहा है और इसके असर से दोनों देशों की कंपनियों पर दबाव बना हुआ है। सरकारी अधिकारियों ने बताया कि नई व्यवस्था के तहत सुरक्षा और निवेश से जुड़े नियमों को कड़ा किया जाएगा ताकि घरेलू उद्योग को संरक्षण मिल सके।

ब्रासीलिया: ब्रिटेन को रक्षा नीतियों में बदलाव को लेकर अमेरिका में सभ्य बाइडन प्रशासन द्वारा एशिया के लिए नई नीति तैयार करने के दौरान इस तथ्य पर ध्यान दिया जा रहा है कि चीन की आर्थिक गतिविधियों को लेकर क्षेत्र के देशों की चिंता बढ़ी है। अमेरिका और चीन के बीच व्यापार को लेकर विवाद लंबे समय से चल रहा है और इसके असर से दोनों देशों की कंपनियों पर दबाव बना हुआ है। सरकारी अधिकारियों ने बताया कि नई व्यवस्था के तहत सुरक्षा और निवेश से जुड़े नियमों को कड़ा किया जाएगा ताकि घरेलू उद्योग को संरक्षण मिल सके।

ब्रासीलिया: ब्रिटेन को रक्षा नीतियों में बदलाव को लेकर अमेरिका में सभ्य बाइडन प्रशासन द्वारा एशिया के लिए नई नीति तैयार करने के दौरान इस तथ्य पर ध्यान दिया जा रहा है कि चीन की आर्थिक गतिविधियों को लेकर क्षेत्र के देशों की चिंता बढ़ी है। अमेरिका और चीन के बीच व्यापार को लेकर विवाद लंबे समय से चल रहा है और इसके असर से दोनों देशों की कंपनियों पर दबाव बना हुआ है। सरकारी अधिकारियों ने बताया कि नई व्यवस्था के तहत सुरक्षा और निवेश से जुड़े नियमों को कड़ा किया जाएगा ताकि घरेलू उद्योग को संरक्षण मिल सके।

ब्रासीलिया: ब्रिटेन को रक्षा नीतियों में बदलाव को लेकर अमेरिका में सभ्य बाइडन प्रशासन द्वारा एशिया के लिए नई नीति तैयार करने के दौरान इस तथ्य पर ध्यान दिया जा रहा है कि चीन की आर्थिक गतिविधियों को लेकर क्षेत्र के देशों की चिंता बढ़ी है। अमेरिका और चीन के बीच व्यापार को लेकर विवाद लंबे समय से चल रहा है और इसके असर से दोनों देशों की कंपनियों पर दबाव बना हुआ है। सरकारी अधिकारियों ने बताया कि नई व्यवस्था के तहत सुरक्षा और निवेश से जुड़े नियमों को कड़ा किया जाएगा ताकि घरेलू उद्योग को संरक्षण मिल सके।
